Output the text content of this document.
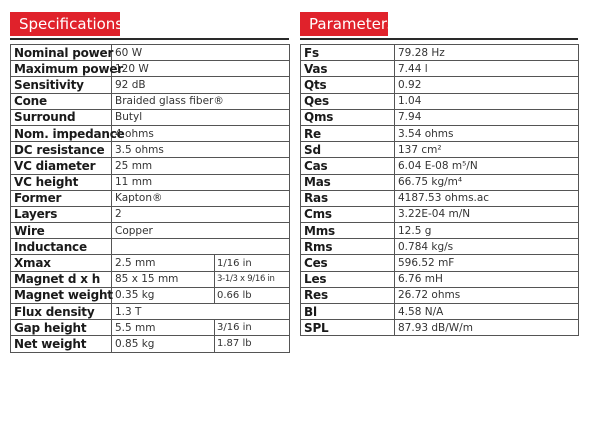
Specifications
Nominal power	60 W	
Maximum power	120 W	
Sensitivity	92 dB	
Cone	Braided glass fiber®	
Surround	Butyl	
Nom. impedance	4 ohms	
DC resistance	3.5 ohms	
VC diameter	25 mm	
VC height	11 mm	
Former	Kapton®	
Layers	2	
Wire	Copper	
Inductance		
Xmax	2.5 mm	1/16 in
Magnet d x h	85 x 15 mm	3-1/3 x 9/16 in
Magnet weight	0.35 kg	0.66 lb
Flux density	1.3 T	
Gap height	5.5 mm	3/16 in
Net weight	0.85 kg	1.87 lb
Parameters
Fs	79.28 Hz
Vas	7.44 l
Qts	0.92
Qes	1.04
Qms	7.94
Re	3.54 ohms
Sd	137 cm²
Cas	6.04 E-08 m⁵/N
Mas	66.75 kg/m⁴
Ras	4187.53 ohms.ac
Cms	3.22E-04 m/N
Mms	12.5 g
Rms	0.784 kg/s
Ces	596.52 mF
Les	6.76 mH
Res	26.72 ohms
Bl	4.58 N/A
SPL	87.93 dB/W/m
